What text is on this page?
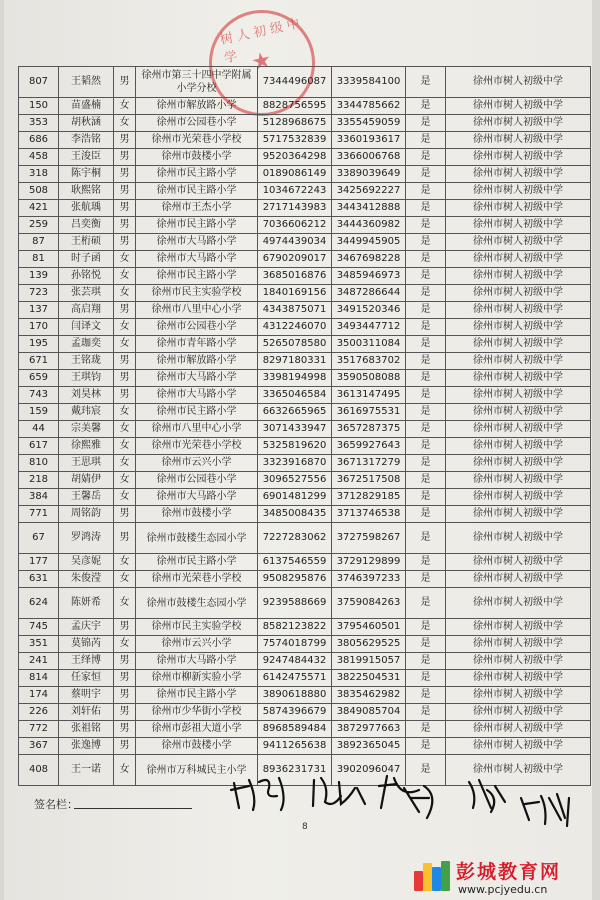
树人初级中学 ★
807	王韬然	男	徐州市第三十四中学附属小学分校	7344496087	3339584100	是	徐州市树人初级中学
150	苗盛楠	女	徐州市解放路小学	8828756595	3344785662	是	徐州市树人初级中学
353	胡秋涵	女	徐州市公园巷小学	5128968675	3355459059	是	徐州市树人初级中学
686	李浩铭	男	徐州市光荣巷小学校	5717532839	3360193617	是	徐州市树人初级中学
458	王浚臣	男	徐州市鼓楼小学	9520364298	3366006768	是	徐州市树人初级中学
318	陈宇桐	男	徐州市民主路小学	0189086149	3389039649	是	徐州市树人初级中学
508	耿熙铭	男	徐州市民主路小学	1034672243	3425692227	是	徐州市树人初级中学
421	张航瑀	男	徐州市王杰小学	2717143983	3443412888	是	徐州市树人初级中学
259	吕奕衡	男	徐州市民主路小学	7036606212	3444360982	是	徐州市树人初级中学
87	王桁硕	男	徐州市大马路小学	4974439034	3449945905	是	徐州市树人初级中学
81	时子函	女	徐州市大马路小学	6790209017	3467698228	是	徐州市树人初级中学
139	孙铭悦	女	徐州市民主路小学	3685016876	3485946973	是	徐州市树人初级中学
723	张芸琪	女	徐州市民主实验学校	1840169156	3487286644	是	徐州市树人初级中学
137	高启翔	男	徐州市八里中心小学	4343875071	3491520346	是	徐州市树人初级中学
170	闫译文	女	徐州市公园巷小学	4312246070	3493447712	是	徐州市树人初级中学
195	孟珈奕	女	徐州市青年路小学	5265078580	3500311084	是	徐州市树人初级中学
671	王铭珑	男	徐州市解放路小学	8297180331	3517683702	是	徐州市树人初级中学
659	王琪钧	男	徐州市大马路小学	3398194998	3590508088	是	徐州市树人初级中学
743	刘昊林	男	徐州市大马路小学	3365046584	3613147495	是	徐州市树人初级中学
159	戴玮宸	女	徐州市民主路小学	6632665965	3616975531	是	徐州市树人初级中学
44	宗美馨	女	徐州市八里中心小学	3071433947	3657287375	是	徐州市树人初级中学
617	徐熙雅	女	徐州市光荣巷小学校	5325819620	3659927643	是	徐州市树人初级中学
810	王思琪	女	徐州市云兴小学	3323916870	3671317279	是	徐州市树人初级中学
218	胡婧伊	女	徐州市公园巷小学	3096527556	3672517508	是	徐州市树人初级中学
384	王馨岳	女	徐州市大马路小学	6901481299	3712829185	是	徐州市树人初级中学
771	周铭韵	男	徐州市鼓楼小学	3485008435	3713746538	是	徐州市树人初级中学
67	罗鸿涛	男	徐州市鼓楼生态园小学	7227283062	3727598267	是	徐州市树人初级中学
177	吴彦妮	女	徐州市民主路小学	6137546559	3729129899	是	徐州市树人初级中学
631	朱俊滢	女	徐州市光荣巷小学校	9508295876	3746397233	是	徐州市树人初级中学
624	陈妍希	女	徐州市鼓楼生态园小学	9239588669	3759084263	是	徐州市树人初级中学
745	孟庆宇	男	徐州市民主实验学校	8582123822	3795460501	是	徐州市树人初级中学
351	莫锦芮	女	徐州市云兴小学	7574018799	3805629525	是	徐州市树人初级中学
241	王绎博	男	徐州市大马路小学	9247484432	3819915057	是	徐州市树人初级中学
814	任家恒	男	徐州市柳新实验小学	6142475571	3822504531	是	徐州市树人初级中学
174	蔡明宇	男	徐州市民主路小学	3890618880	3835462982	是	徐州市树人初级中学
226	刘轩佑	男	徐州市少华街小学校	5874396679	3849085704	是	徐州市树人初级中学
772	张祖铭	男	徐州市彭祖大道小学	8968589484	3872977663	是	徐州市树人初级中学
367	张逸博	男	徐州市鼓楼小学	9411265638	3892365045	是	徐州市树人初级中学
408	王一诺	女	徐州市万科城民主小学	8936231731	3902096047	是	徐州市树人初级中学
签名栏：
8
彭城教育网
www.pcjyedu.cn
